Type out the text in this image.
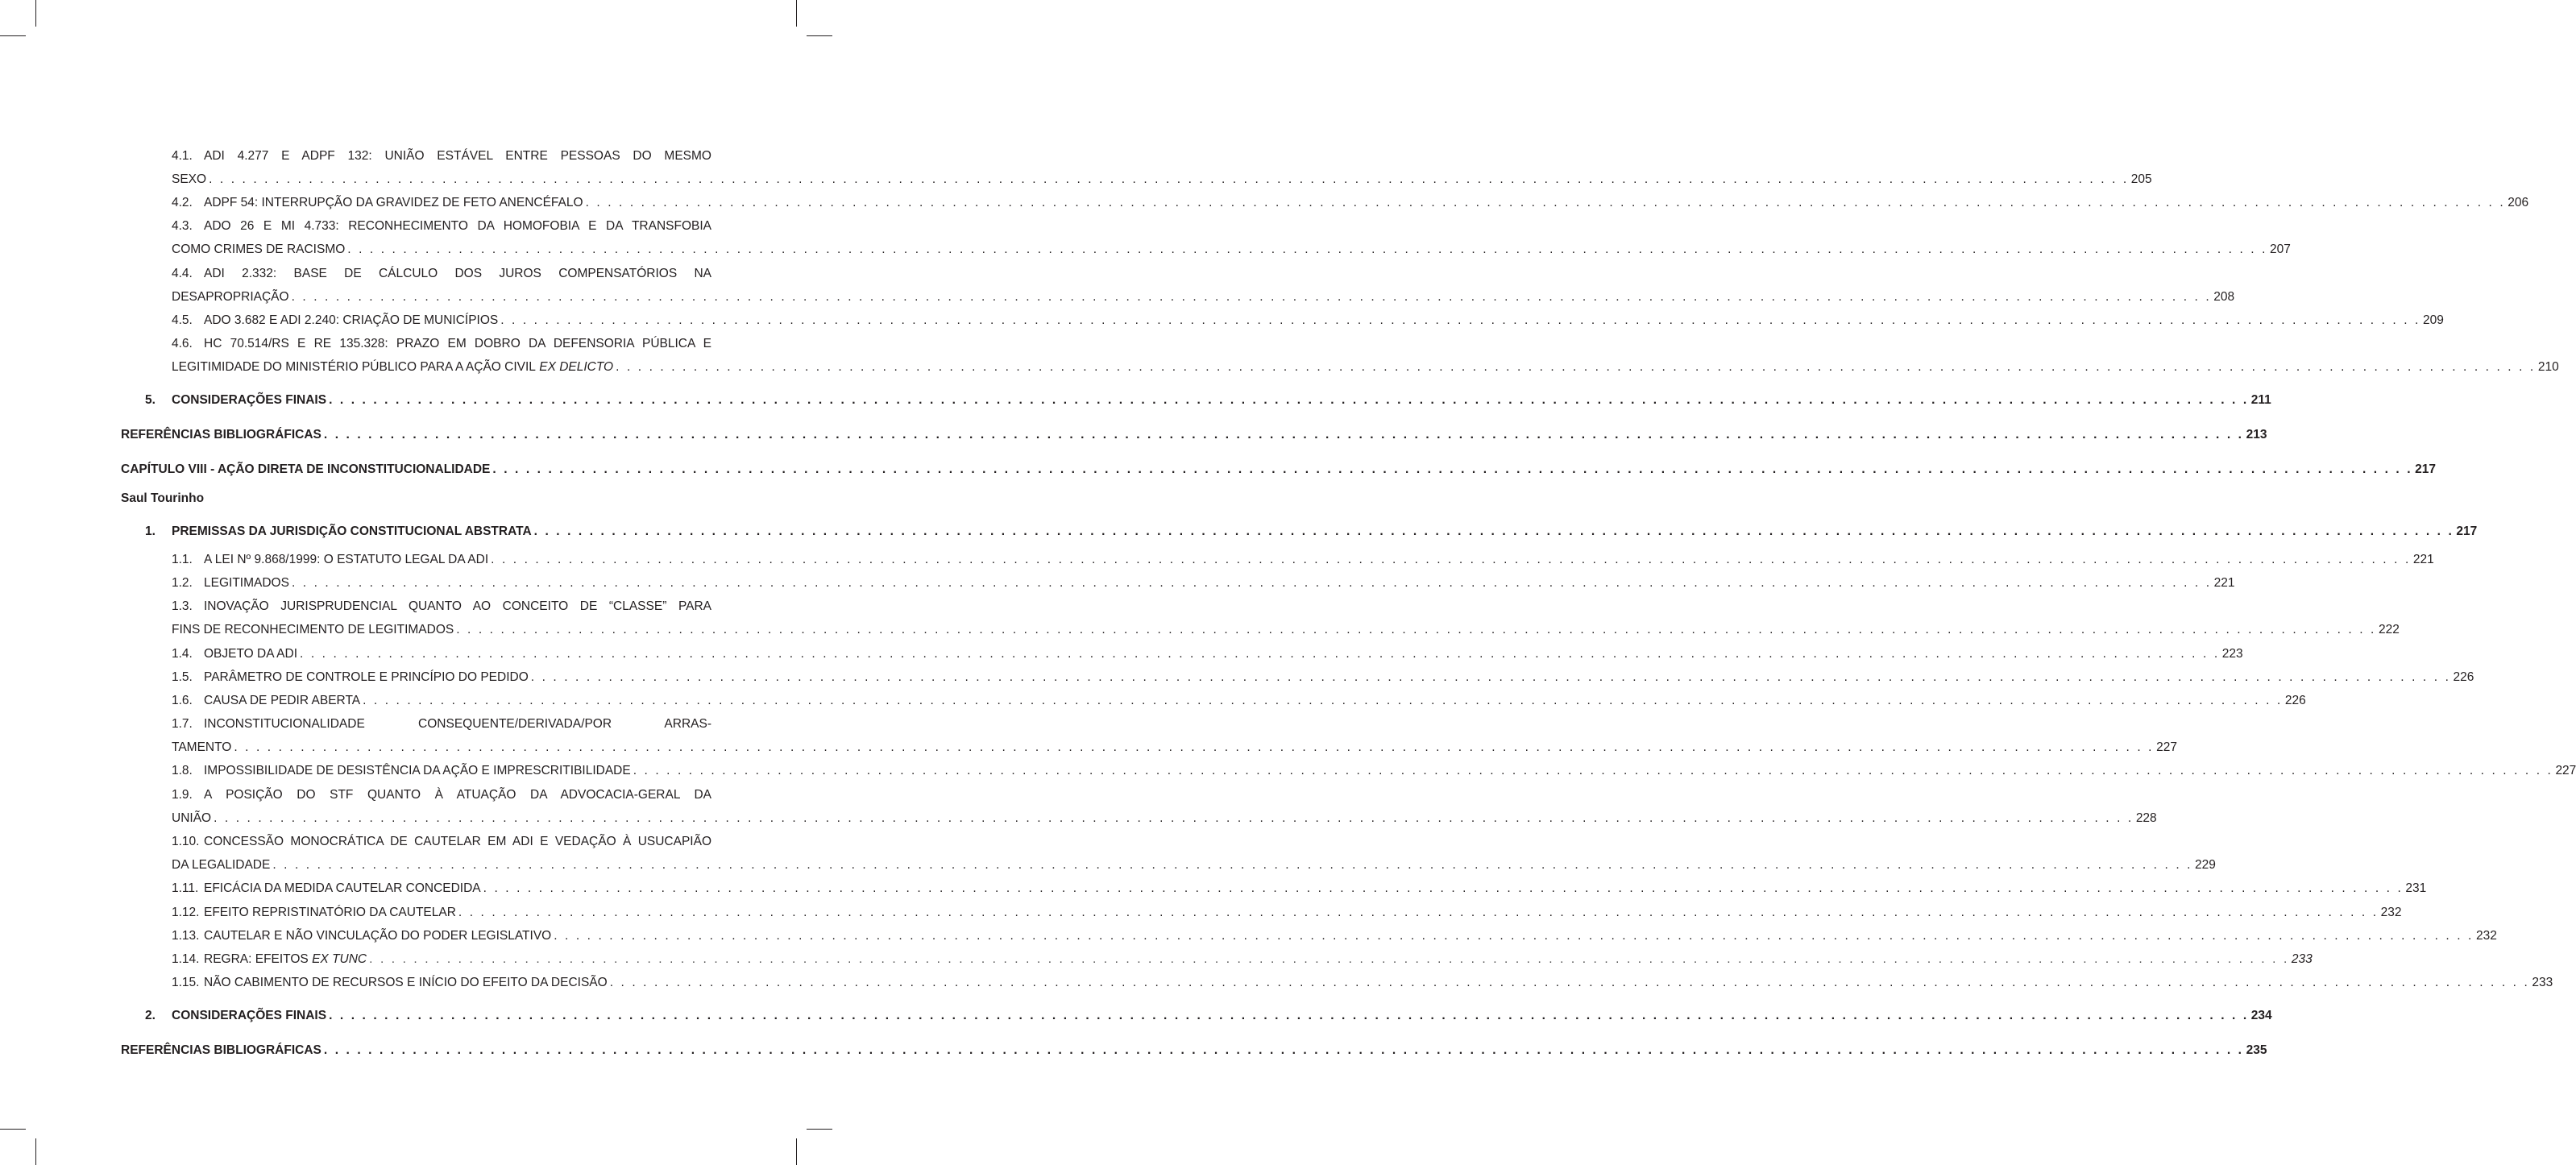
4.1. ADI 4.277 E ADPF 132: UNIÃO ESTÁVEL ENTRE PESSOAS DO MESMO
SEXO . . .	205
4.2. ADPF 54: INTERRUPÇÃO DA GRAVIDEZ DE FETO ANENCÉFALO . . .	206
4.3. ADO 26 E MI 4.733: RECONHECIMENTO DA HOMOFOBIA E DA TRANSFOBIA
COMO CRIMES DE RACISMO . . .	207
4.4. ADI 2.332: BASE DE CÁLCULO DOS JUROS COMPENSATÓRIOS NA
DESAPROPRIAÇÃO . . .	208
4.5. ADO 3.682 E ADI 2.240: CRIAÇÃO DE MUNICÍPIOS . . .	209
4.6. HC 70.514/RS E RE 135.328: PRAZO EM DOBRO DA DEFENSORIA PÚBLICA E
LEGITIMIDADE DO MINISTÉRIO PÚBLICO PARA A AÇÃO CIVIL
EX DELICTO . . .	210
5.	CONSIDERAÇÕES FINAIS . . .	211
REFERÊNCIAS BIBLIOGRÁFICAS . . .	213
CAPÍTULO VIII - AÇÃO DIRETA DE INCONSTITUCIONALIDADE . . .	217
Saul Tourinho
1.	PREMISSAS DA JURISDIÇÃO CONSTITUCIONAL ABSTRATA . . .	217
1.1. A LEI Nº 9.868/1999: O ESTATUTO LEGAL DA ADI . . .	221
1.2. LEGITIMADOS . . .	221
1.3. INOVAÇÃO JURISPRUDENCIAL QUANTO AO CONCEITO DE “CLASSE” PARA
FINS DE RECONHECIMENTO DE LEGITIMADOS . . .	222
1.4. OBJETO DA ADI . . .	223
1.5. PARÂMETRO DE CONTROLE E PRINCÍPIO DO PEDIDO . . .	226
1.6. CAUSA DE PEDIR ABERTA . . .	226
1.7. INCONSTITUCIONALIDADE CONSEQUENTE/DERIVADA/POR ARRAS-
TAMENTO . . .	227
1.8. IMPOSSIBILIDADE DE DESISTÊNCIA DA AÇÃO E IMPRESCRITIBILIDADE . . .	227
1.9. A POSIÇÃO DO STF QUANTO À ATUAÇÃO DA ADVOCACIA-GERAL DA
UNIÃO . . .	228
1.10. CONCESSÃO MONOCRÁTICA DE CAUTELAR EM ADI E VEDAÇÃO À USUCAPIÃO
DA LEGALIDADE . . .	229
1.11. EFICÁCIA DA MEDIDA CAUTELAR CONCEDIDA . . .	231
1.12. EFEITO REPRISTINATÓRIO DA CAUTELAR . . .	232
1.13. CAUTELAR E NÃO VINCULAÇÃO DO PODER LEGISLATIVO . . .	232
1.14. REGRA: EFEITOS
EX TUNC . . .	233
1.15. NÃO CABIMENTO DE RECURSOS E INÍCIO DO EFEITO DA DECISÃO . . .	233
2.	CONSIDERAÇÕES FINAIS . . .	234
REFERÊNCIAS BIBLIOGRÁFICAS . . .	235
